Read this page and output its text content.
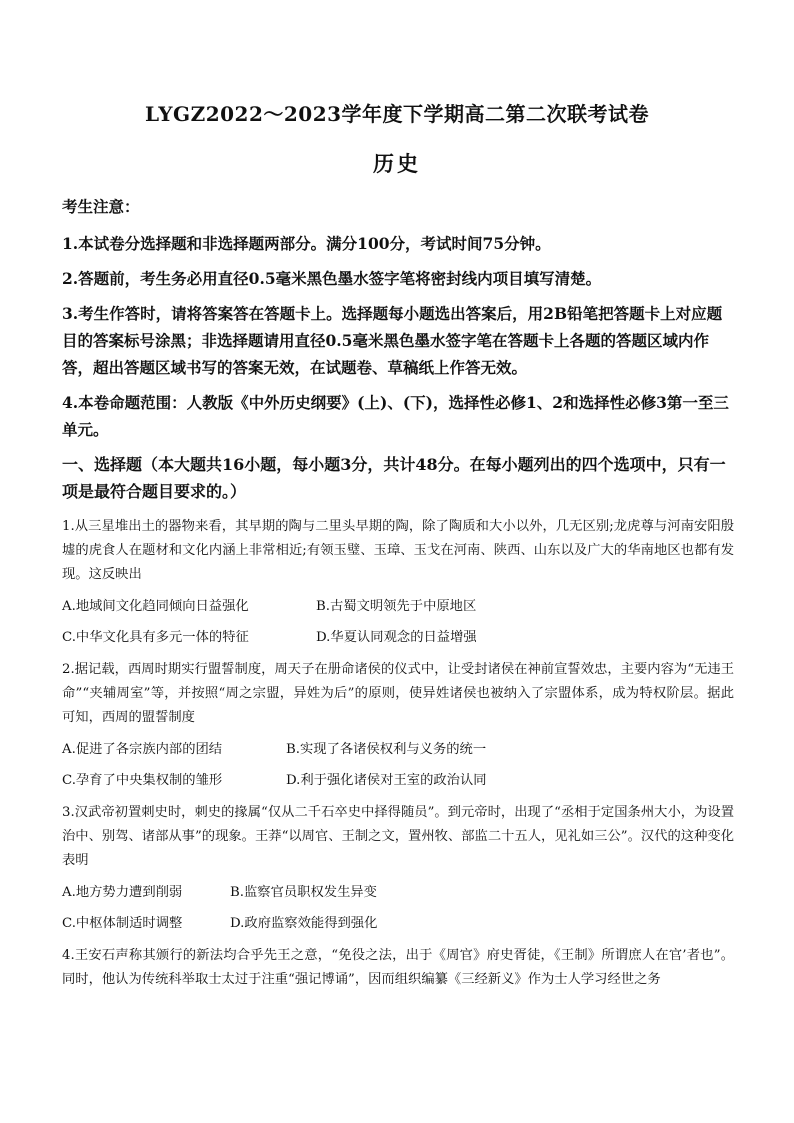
LYGZ2022～2023学年度下学期高二第二次联考试卷
历史
考生注意：
1.本试卷分选择题和非选择题两部分。满分100分，考试时间75分钟。
2.答题前，考生务必用直径0.5毫米黑色墨水签字笔将密封线内项目填写清楚。
3.考生作答时，请将答案答在答题卡上。选择题每小题选出答案后，用2B铅笔把答题卡上对应题目的答案标号涂黑；非选择题请用直径0.5毫米黑色墨水签字笔在答题卡上各题的答题区域内作答，超出答题区域书写的答案无效，在试题卷、草稿纸上作答无效。
4.本卷命题范围：人教版《中外历史纲要》(上)、(下)，选择性必修1、2和选择性必修3第一至三单元。
一、选择题（本大题共16小题，每小题3分，共计48分。在每小题列出的四个选项中，只有一项是最符合题目要求的。）
1.从三星堆出土的器物来看，其早期的陶与二里头早期的陶，除了陶质和大小以外，几无区别;龙虎尊与河南安阳殷墟的虎食人在题材和文化内涵上非常相近;有领玉璧、玉璋、玉戈在河南、陕西、山东以及广大的华南地区也都有发现。这反映出
A.地域间文化趋同倾向日益强化	B.古蜀文明领先于中原地区
C.中华文化具有多元一体的特征	D.华夏认同观念的日益增强
2.据记载，西周时期实行盟誓制度，周天子在册命诸侯的仪式中，让受封诸侯在神前宣誓效忠，主要内容为“无违王命”“夹辅周室”等，并按照“周之宗盟，异姓为后”的原则，使异姓诸侯也被纳入了宗盟体系，成为特权阶层。据此可知，西周的盟誓制度
A.促进了各宗族内部的团结	B.实现了各诸侯权利与义务的统一
C.孕育了中央集权制的雏形	D.利于强化诸侯对王室的政治认同
3.汉武帝初置刺史时，刺史的掾属“仅从二千石卒史中择得随员”。到元帝时，出现了“丞相于定国条州大小，为设置治中、别驾、诸部从事”的现象。王莽“以周官、王制之文，置州牧、部监二十五人，见礼如三公”。汉代的这种变化表明
A.地方势力遭到削弱	B.监察官员职权发生异变
C.中枢体制适时调整	D.政府监察效能得到强化
4.王安石声称其颁行的新法均合乎先王之意，“免役之法，出于《周官》府史胥徒，《王制》所谓庶人在官’者也”。同时，他认为传统科举取士太过于注重“强记博诵”，因而组织编纂《三经新义》作为士人学习经世之务
